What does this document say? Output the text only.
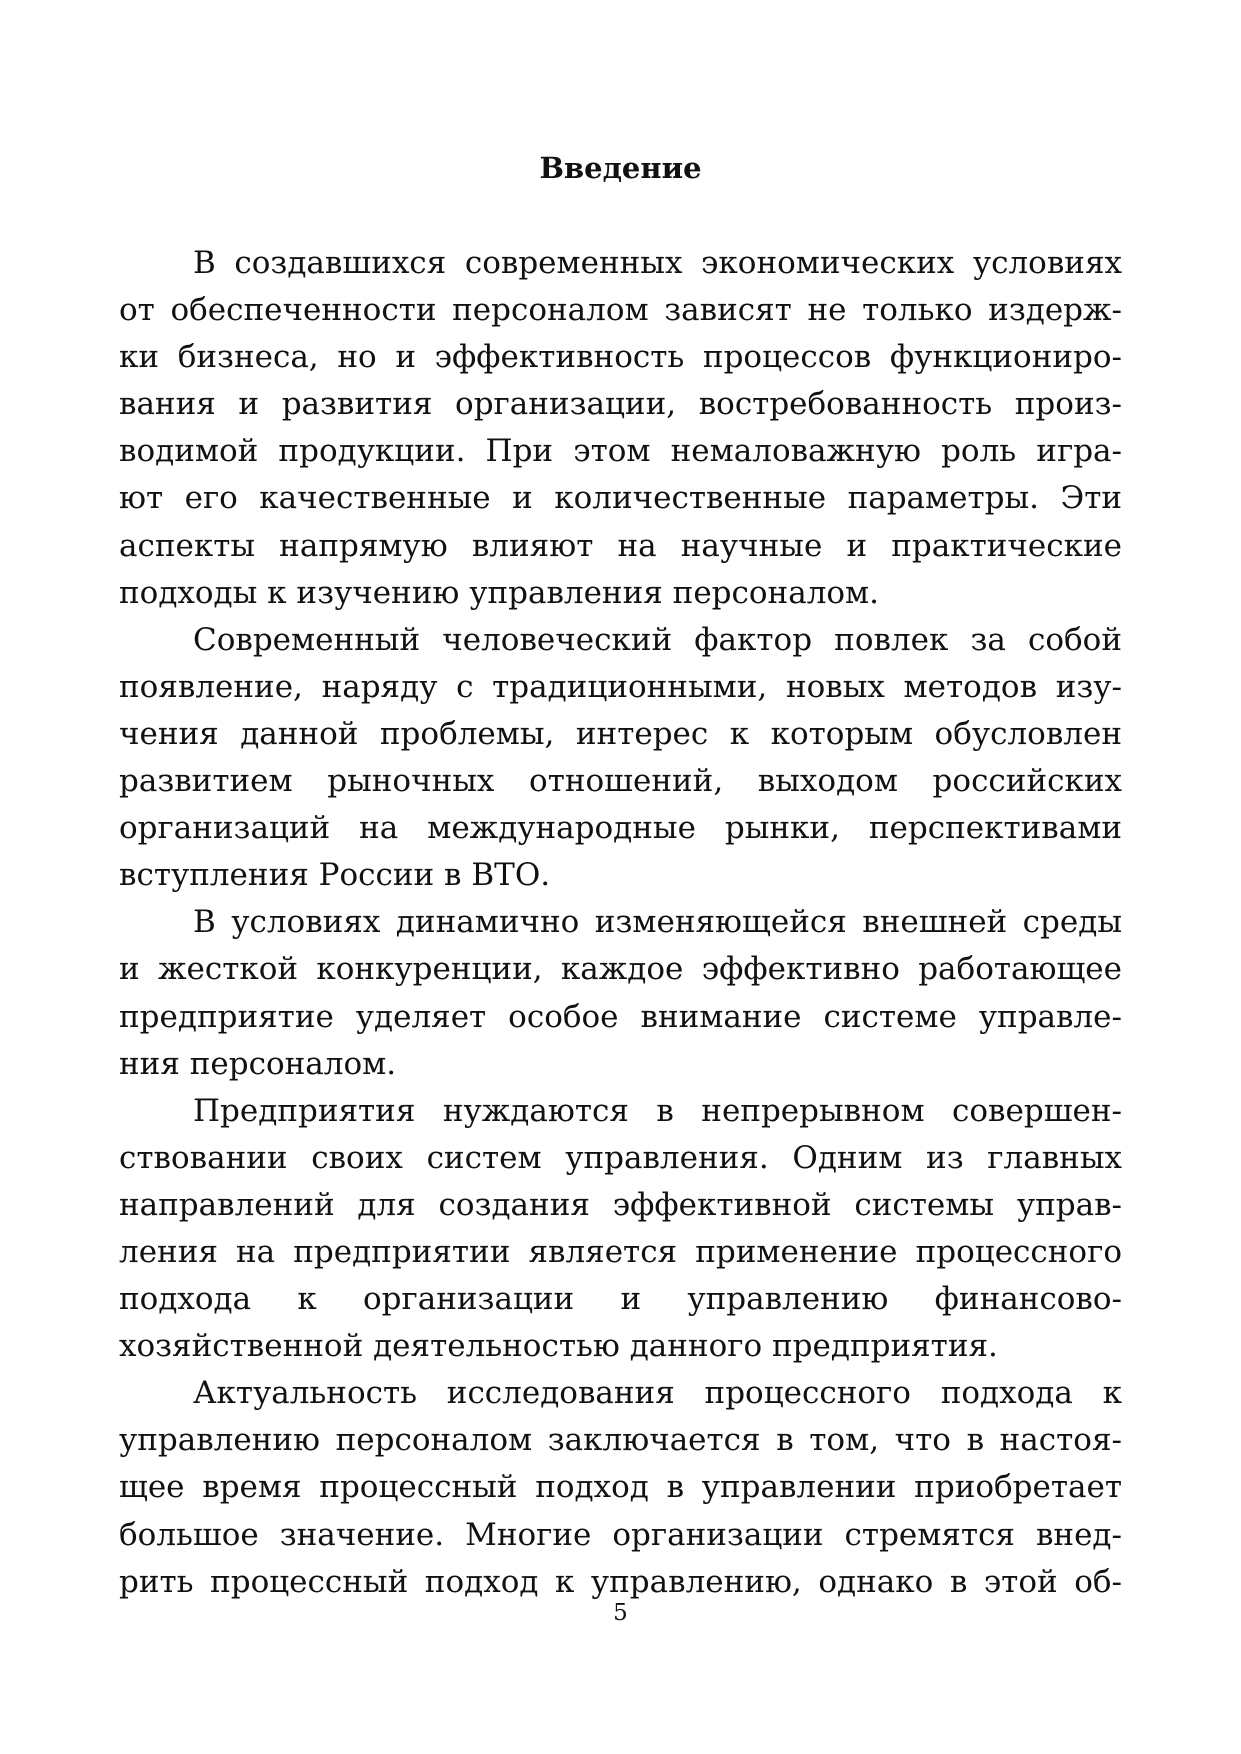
Введение

В создавшихся современных экономических условиях
от обеспеченности персоналом зависят не только издерж-
ки бизнеса, но и эффективность процессов функциониро-
вания и развития организации, востребованность произ-
водимой продукции. При этом немаловажную роль игра-
ют его качественные и количественные параметры. Эти
аспекты напрямую влияют на научные и практические
подходы к изучению управления персоналом.

Современный человеческий фактор повлек за собой
появление, наряду с традиционными, новых методов изу-
чения данной проблемы, интерес к которым обусловлен
развитием рыночных отношений, выходом российских
организаций на международные рынки, перспективами
вступления России в ВТО.

В условиях динамично изменяющейся внешней среды
и жесткой конкуренции, каждое эффективно работающее
предприятие уделяет особое внимание системе управле-
ния персоналом.

Предприятия нуждаются в непрерывном совершен-
ствовании своих систем управления. Одним из главных
направлений для создания эффективной системы управ-
ления на предприятии является применение процессного
подхода к организации и управлению финансово-
хозяйственной деятельностью данного предприятия.

Актуальность исследования процессного подхода к
управлению персоналом заключается в том, что в настоя-
щее время процессный подход в управлении приобретает
большое значение. Многие организации стремятся внед-
рить процессный подход к управлению, однако в этой об-

5
